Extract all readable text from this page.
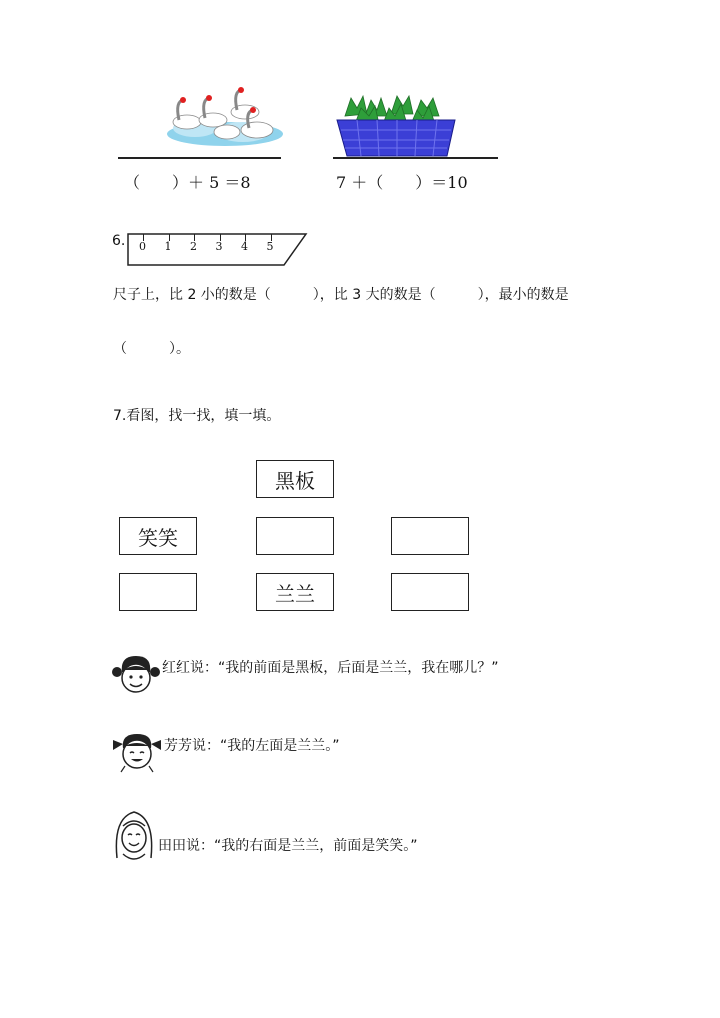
（　　）＋ 5 ＝8	7 ＋（　　）＝10
6. 0 1 2 3 4 5
尺子上，比 2 小的数是（　　　），比 3 大的数是（　　　），最小的数是
（　　　）。
7.看图，找一找，填一填。
黑板
笑笑
兰兰
红红说：“我的前面是黑板，后面是兰兰，我在哪儿？”
芳芳说：“我的左面是兰兰。”
田田说：“我的右面是兰兰，前面是笑笑。”
